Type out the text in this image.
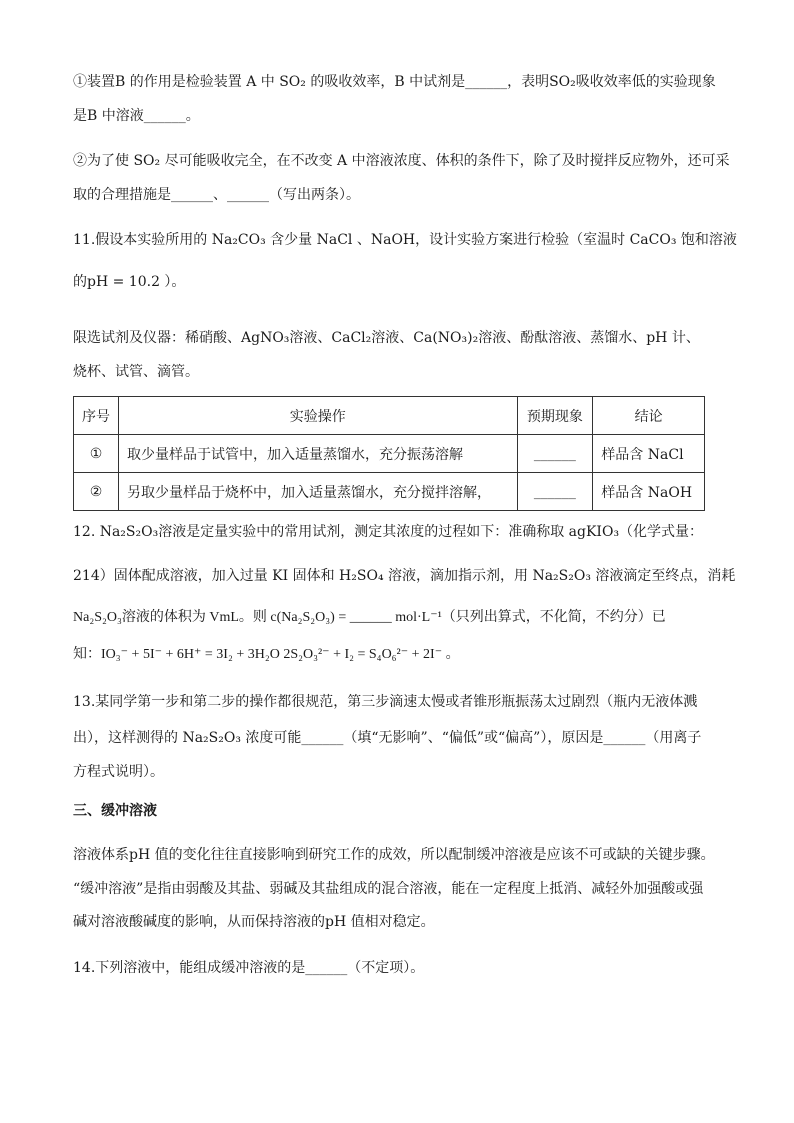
①装置B 的作用是检验装置 A 中 SO₂ 的吸收效率，B 中试剂是______，表明SO₂吸收效率低的实验现象
是B 中溶液______。
②为了使 SO₂ 尽可能吸收完全，在不改变 A 中溶液浓度、体积的条件下，除了及时搅拌反应物外，还可采
取的合理措施是______、______（写出两条）。
11.假设本实验所用的 Na₂CO₃ 含少量 NaCl 、NaOH，设计实验方案进行检验（室温时 CaCO₃ 饱和溶液
的pH = 10.2 ）。
限选试剂及仪器：稀硝酸、AgNO₃溶液、CaCl₂溶液、Ca(NO₃)₂溶液、酚酞溶液、蒸馏水、pH 计、
烧杯、试管、滴管。
序号	实验操作	预期现象	结论
①	取少量样品于试管中，加入适量蒸馏水，充分振荡溶解	______	样品含 NaCl
②	另取少量样品于烧杯中，加入适量蒸馏水，充分搅拌溶解，	______	样品含 NaOH
12. Na₂S₂O₃溶液是定量实验中的常用试剂，测定其浓度的过程如下：准确称取 agKIO₃（化学式量：
214）固体配成溶液，加入过量 KI 固体和 H₂SO₄ 溶液，滴加指示剂，用 Na₂S₂O₃ 溶液滴定至终点，消耗
Na₂S₂O₃溶液的体积为 VmL。则 c(Na₂S₂O₃) = ______ mol·L⁻¹（只列出算式，不化简，不约分）已
知：IO₃⁻ + 5I⁻ + 6H⁺ = 3I₂ + 3H₂O 2S₂O₃²⁻ + I₂ = S₄O₆²⁻ + 2I⁻ 。
13.某同学第一步和第二步的操作都很规范，第三步滴速太慢或者锥形瓶振荡太过剧烈（瓶内无液体溅
出），这样测得的 Na₂S₂O₃ 浓度可能______（填“无影响”、“偏低”或“偏高”），原因是______（用离子
方程式说明）。
三、缓冲溶液
溶液体系pH 值的变化往往直接影响到研究工作的成效，所以配制缓冲溶液是应该不可或缺的关键步骤。
“缓冲溶液”是指由弱酸及其盐、弱碱及其盐组成的混合溶液，能在一定程度上抵消、减轻外加强酸或强
碱对溶液酸碱度的影响，从而保持溶液的pH 值相对稳定。
14.下列溶液中，能组成缓冲溶液的是______（不定项）。
